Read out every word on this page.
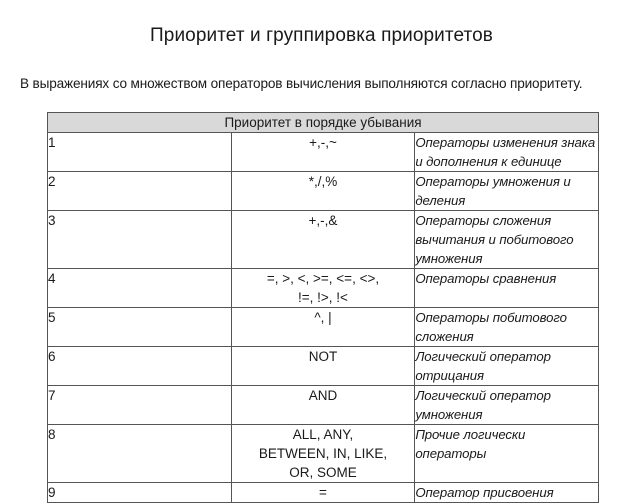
Приоритет и группировка приоритетов
В выражениях со множеством операторов вычисления выполняются согласно приоритету.
Приоритет в порядке убывания		
1	+,-,~	Операторы изменения знака и дополнения к единице
2	*,/,%	Операторы умножения и деления
3	+,-,&	Операторы сложения вычитания и побитового умножения
4	=, >, <, >=, <=, <>,
!=, !>, !<	Операторы сравнения
5	^, |	Операторы побитового сложения
6	NOT	Логический оператор отрицания
7	AND	Логический оператор умножения
8	ALL, ANY,
BETWEEN, IN, LIKE,
OR, SOME	Прочие логически операторы
9	=	Оператор присвоения
